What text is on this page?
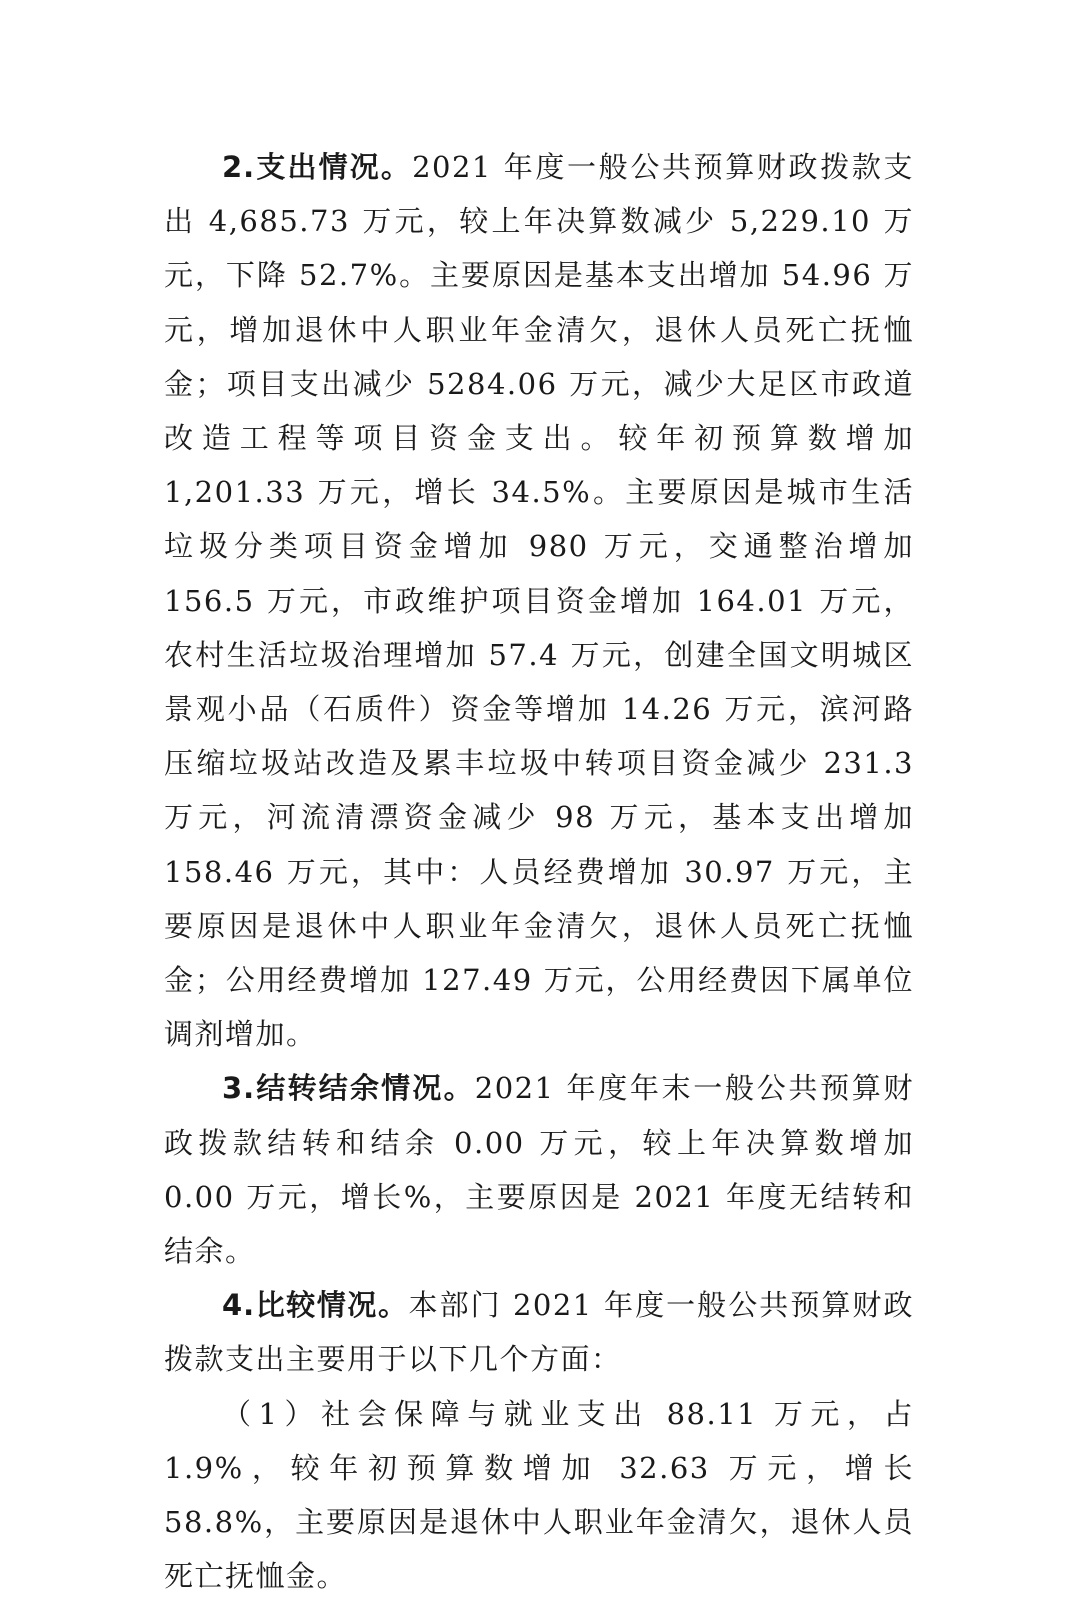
2.支出情况。2021 年度一般公共预算财政拨款支出 4,685.73 万元，较上年决算数减少 5,229.10 万元，下降 52.7%。主要原因是基本支出增加 54.96 万元，增加退休中人职业年金清欠，退休人员死亡抚恤金；项目支出减少 5284.06 万元，减少大足区市政道改造工程等项目资金支出。较年初预算数增加 1,201.33 万元，增长 34.5%。主要原因是城市生活垃圾分类项目资金增加 980 万元，交通整治增加 156.5 万元，市政维护项目资金增加 164.01 万元，农村生活垃圾治理增加 57.4 万元，创建全国文明城区景观小品（石质件）资金等增加 14.26 万元，滨河路压缩垃圾站改造及累丰垃圾中转项目资金减少 231.3 万元，河流清漂资金减少 98 万元，基本支出增加 158.46 万元，其中：人员经费增加 30.97 万元，主要原因是退休中人职业年金清欠，退休人员死亡抚恤金；公用经费增加 127.49 万元，公用经费因下属单位调剂增加。

3.结转结余情况。2021 年度年末一般公共预算财政拨款结转和结余 0.00 万元，较上年决算数增加 0.00 万元，增长%，主要原因是 2021 年度无结转和结余。

4.比较情况。本部门 2021 年度一般公共预算财政拨款支出主要用于以下几个方面：

（1）社会保障与就业支出 88.11 万元，占 1.9%，较年初预算数增加 32.63 万元，增长 58.8%，主要原因是退休中人职业年金清欠，退休人员死亡抚恤金。
